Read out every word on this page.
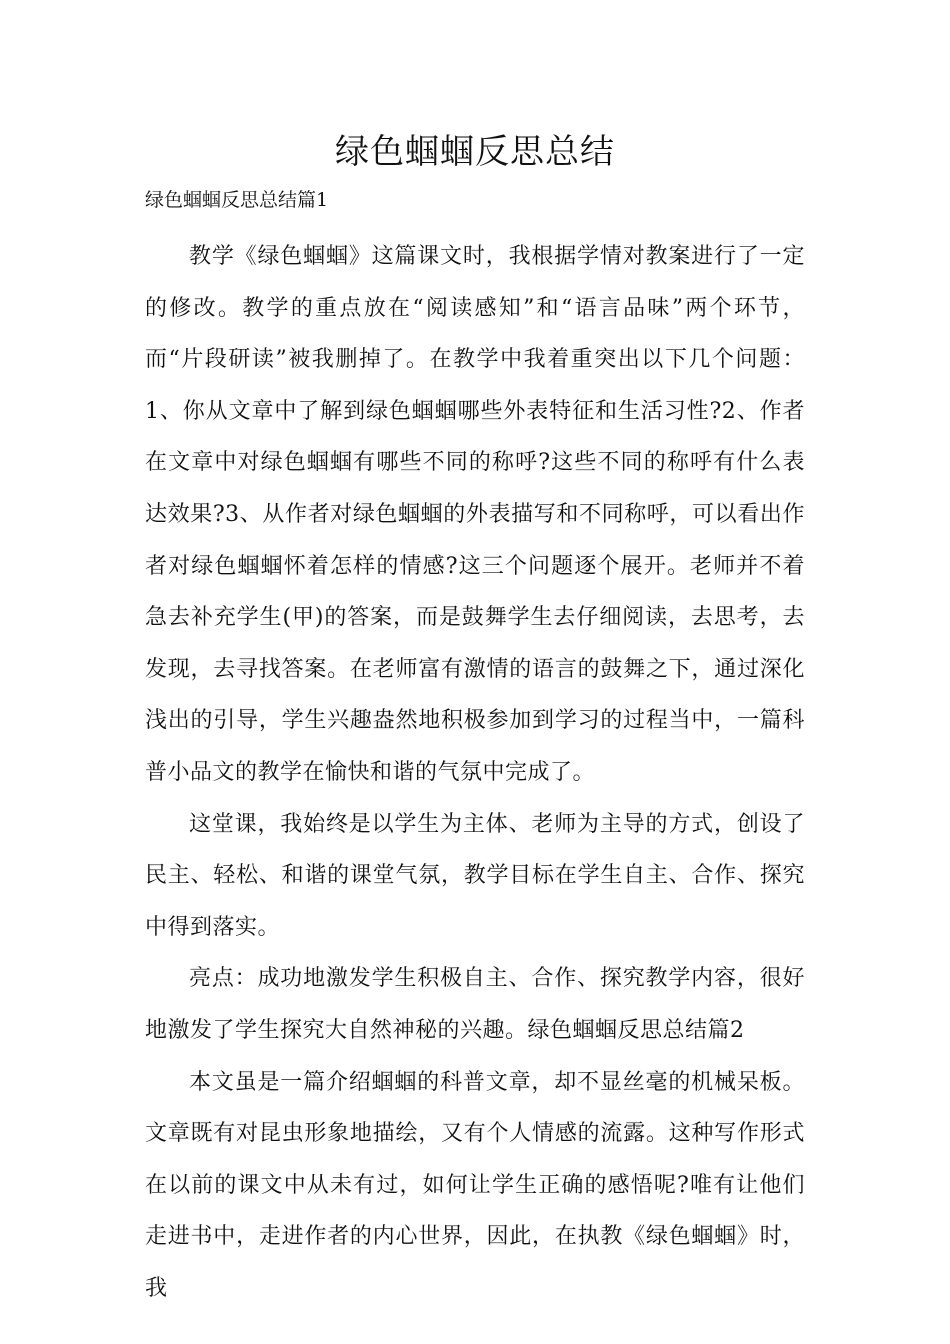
绿色蝈蝈反思总结

绿色蝈蝈反思总结篇1

教学《绿色蝈蝈》这篇课文时，我根据学情对教案进行了一定的修改。教学的重点放在“阅读感知”和“语言品味”两个环节，而“片段研读”被我删掉了。在教学中我着重突出以下几个问题：1、你从文章中了解到绿色蝈蝈哪些外表特征和生活习性?2、作者在文章中对绿色蝈蝈有哪些不同的称呼?这些不同的称呼有什么表达效果?3、从作者对绿色蝈蝈的外表描写和不同称呼，可以看出作者对绿色蝈蝈怀着怎样的情感?这三个问题逐个展开。老师并不着急去补充学生(甲)的答案，而是鼓舞学生去仔细阅读，去思考，去发现，去寻找答案。在老师富有激情的语言的鼓舞之下，通过深化浅出的引导，学生兴趣盎然地积极参加到学习的过程当中，一篇科普小品文的教学在愉快和谐的气氛中完成了。

这堂课，我始终是以学生为主体、老师为主导的方式，创设了民主、轻松、和谐的课堂气氛，教学目标在学生自主、合作、探究中得到落实。

亮点：成功地激发学生积极自主、合作、探究教学内容，很好地激发了学生探究大自然神秘的兴趣。绿色蝈蝈反思总结篇2

本文虽是一篇介绍蝈蝈的科普文章，却不显丝毫的机械呆板。文章既有对昆虫形象地描绘，又有个人情感的流露。这种写作形式在以前的课文中从未有过，如何让学生正确的感悟呢?唯有让他们走进书中，走进作者的内心世界，因此，在执教《绿色蝈蝈》时，我
